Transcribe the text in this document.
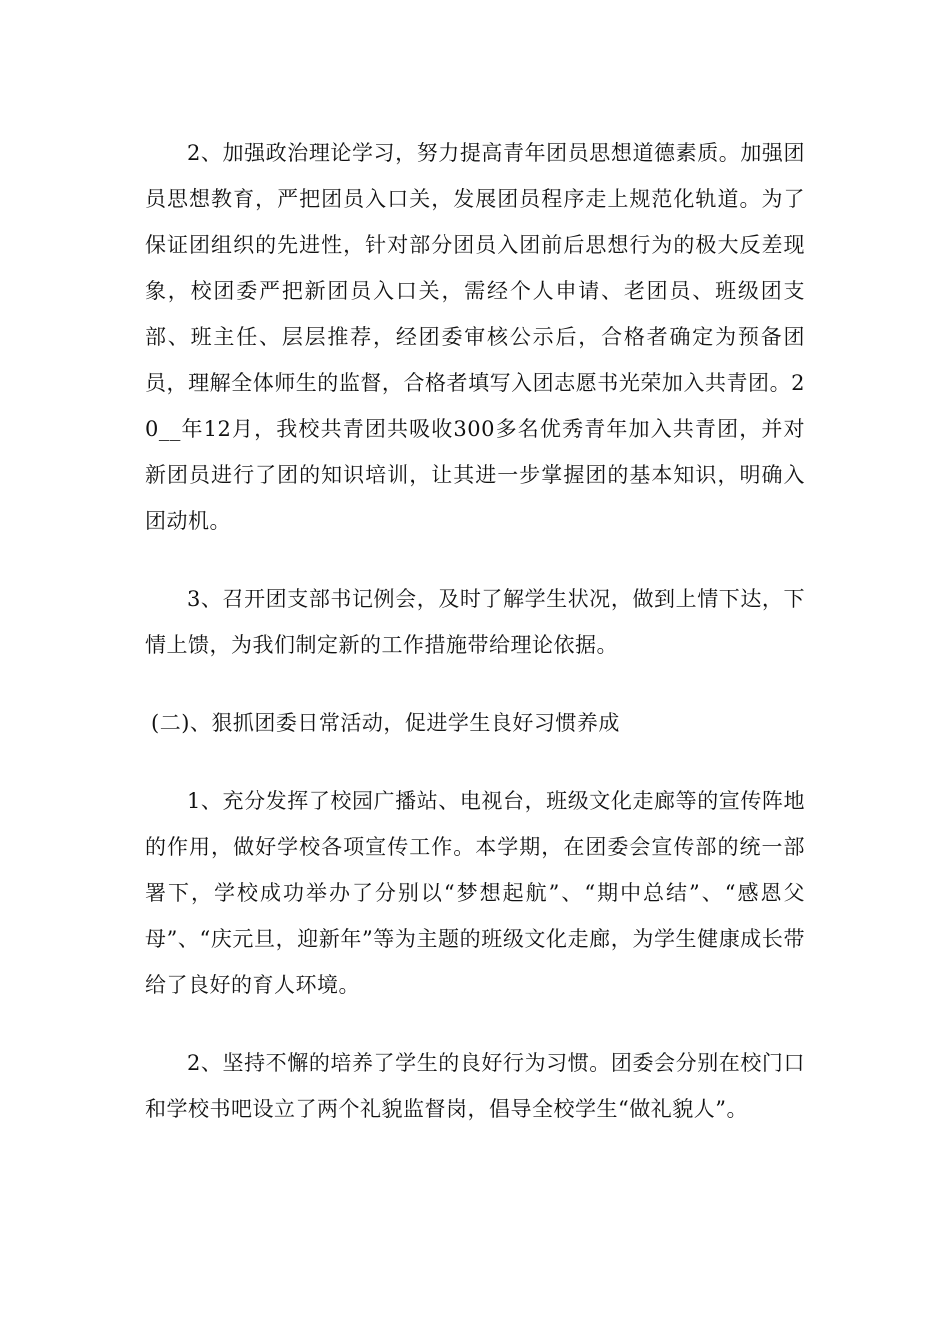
2、加强政治理论学习，努力提高青年团员思想道德素质。加强团员思想教育，严把团员入口关，发展团员程序走上规范化轨道。为了保证团组织的先进性，针对部分团员入团前后思想行为的极大反差现象，校团委严把新团员入口关，需经个人申请、老团员、班级团支部、班主任、层层推荐，经团委审核公示后，合格者确定为预备团员，理解全体师生的监督，合格者填写入团志愿书光荣加入共青团。20__年12月，我校共青团共吸收300多名优秀青年加入共青团，并对新团员进行了团的知识培训，让其进一步掌握团的基本知识，明确入团动机。

3、召开团支部书记例会，及时了解学生状况，做到上情下达，下情上馈，为我们制定新的工作措施带给理论依据。

(二)、狠抓团委日常活动，促进学生良好习惯养成

1、充分发挥了校园广播站、电视台，班级文化走廊等的宣传阵地的作用，做好学校各项宣传工作。本学期，在团委会宣传部的统一部署下，学校成功举办了分别以“梦想起航”、“期中总结”、“感恩父母”、“庆元旦，迎新年”等为主题的班级文化走廊，为学生健康成长带给了良好的育人环境。

2、坚持不懈的培养了学生的良好行为习惯。团委会分别在校门口和学校书吧设立了两个礼貌监督岗，倡导全校学生“做礼貌人”。
